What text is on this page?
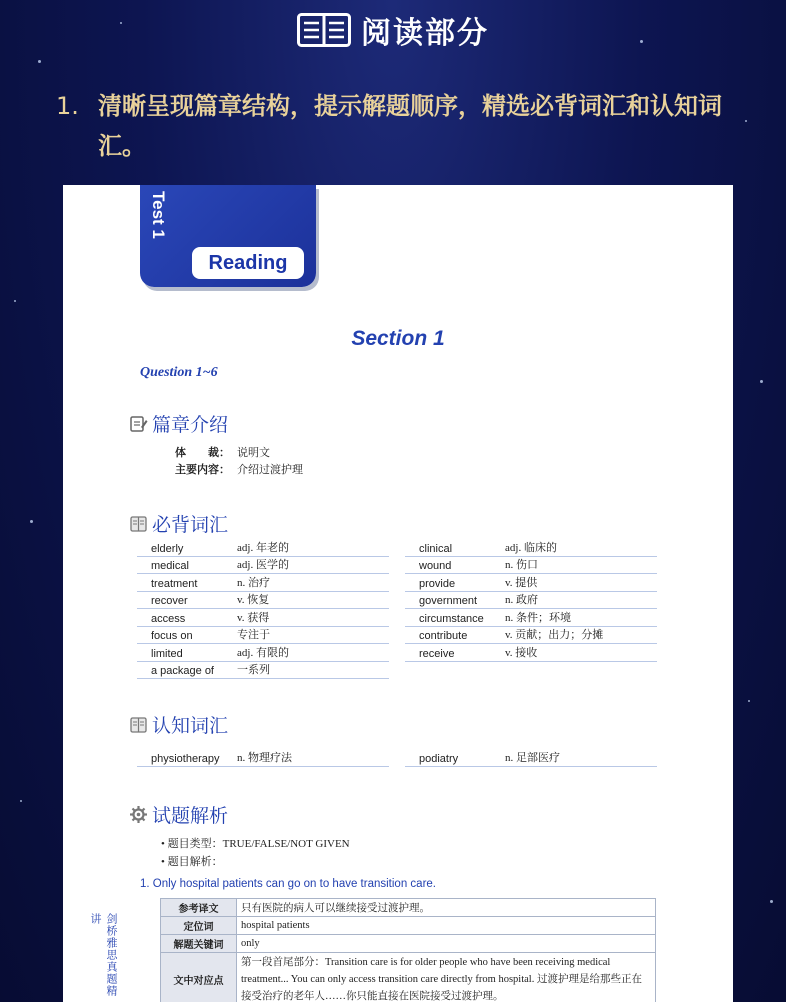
阅读部分
1. 清晰呈现篇章结构，提示解题顺序，精选必背词汇和认知词汇。
Test 1
Reading
Section 1
Question 1~6
篇章介绍
体　　裁： 说明文
主要内容： 介绍过渡护理
必背词汇
elderly	adj. 年老的
medical	adj. 医学的
treatment	n. 治疗
recover	v. 恢复
access	v. 获得
focus on	专注于
limited	adj. 有限的
a package of	一系列
clinical	adj. 临床的
wound	n. 伤口
provide	v. 提供
government	n. 政府
circumstance	n. 条件；环境
contribute	v. 贡献；出力；分摊
receive	v. 接收
认知词汇
physiotherapy	n. 物理疗法	podiatry	n. 足部医疗
试题解析
• 题目类型：TRUE/FALSE/NOT GIVEN
• 题目解析：
1. Only hospital patients can go on to have transition care.
参考译文	只有医院的病人可以继续接受过渡护理。
定位词	hospital patients
解题关键词	only
文中对应点	第一段首尾部分：Transition care is for older people who have been receiving medical treatment... You can only access transition care directly from hospital. 过渡护理是给那些正在接受治疗的老年人……你只能直接在医院接受过渡护理。
剑桥雅思真题精讲
